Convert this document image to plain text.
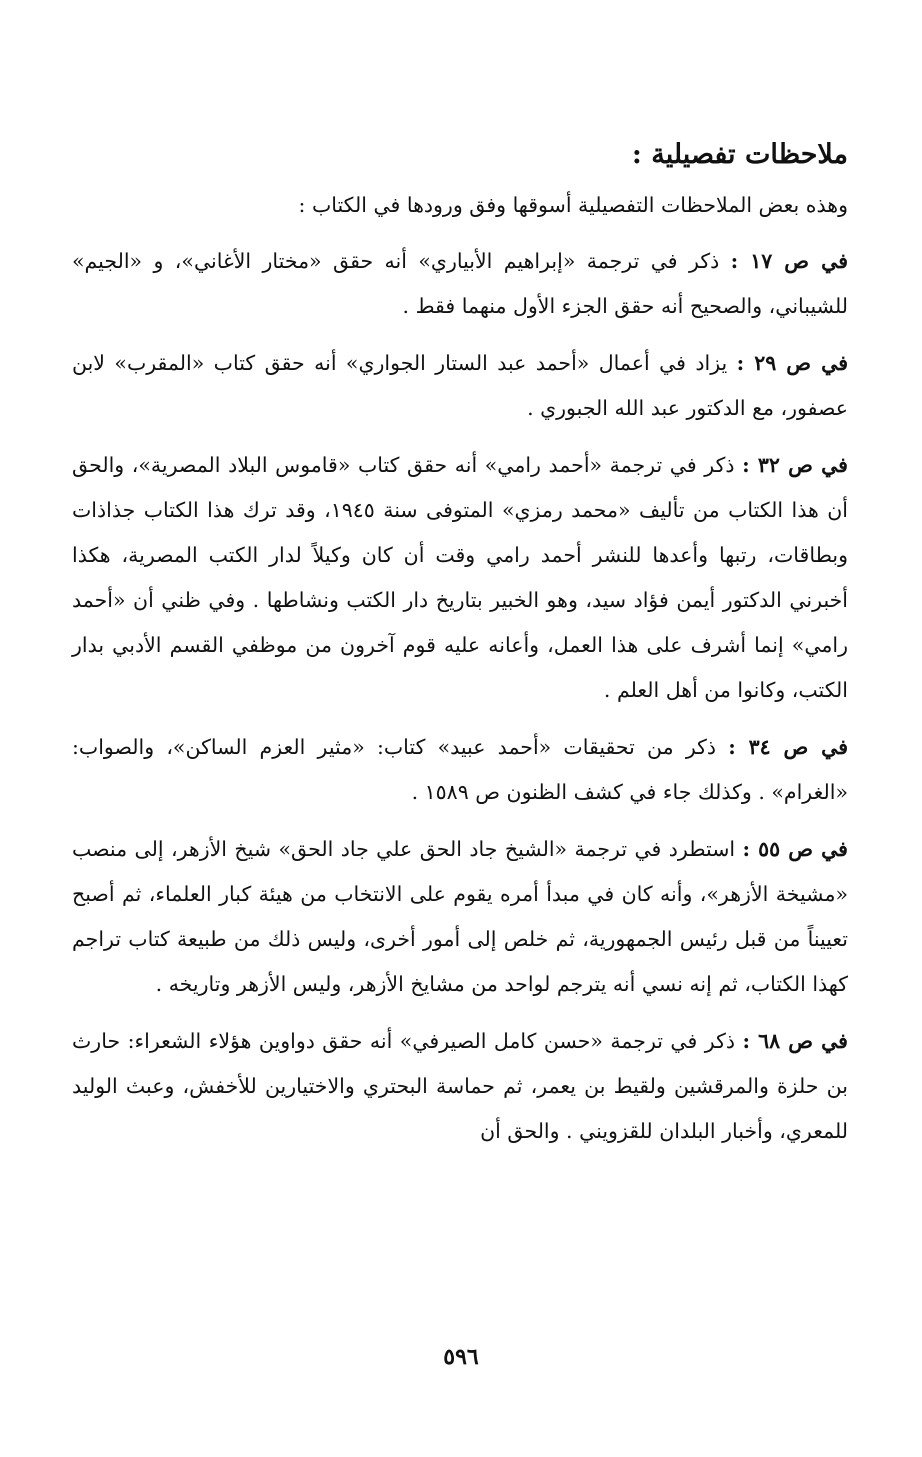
ملاحظات تفصيلية :

وهذه بعض الملاحظات التفصيلية أسوقها وفق ورودها في الكتاب :

في ص ١٧ : ذكر في ترجمة «إبراهيم الأبياري» أنه حقق «مختار الأغاني»، و «الجيم» للشيباني، والصحيح أنه حقق الجزء الأول منهما فقط .

في ص ٢٩ : يزاد في أعمال «أحمد عبد الستار الجواري» أنه حقق كتاب «المقرب» لابن عصفور، مع الدكتور عبد الله الجبوري .

في ص ٣٢ : ذكر في ترجمة «أحمد رامي» أنه حقق كتاب «قاموس البلاد المصرية»، والحق أن هذا الكتاب من تأليف «محمد رمزي» المتوفى سنة ١٩٤٥، وقد ترك هذا الكتاب جذاذات وبطاقات، رتبها وأعدها للنشر أحمد رامي وقت أن كان وكيلاً لدار الكتب المصرية، هكذا أخبرني الدكتور أيمن فؤاد سيد، وهو الخبير بتاريخ دار الكتب ونشاطها . وفي ظني أن «أحمد رامي» إنما أشرف على هذا العمل، وأعانه عليه قوم آخرون من موظفي القسم الأدبي بدار الكتب، وكانوا من أهل العلم .

في ص ٣٤ : ذكر من تحقيقات «أحمد عبيد» كتاب: «مثير العزم الساكن»، والصواب: «الغرام» . وكذلك جاء في كشف الظنون ص ١٥٨٩ .

في ص ٥٥ : استطرد في ترجمة «الشيخ جاد الحق علي جاد الحق» شيخ الأزهر، إلى منصب «مشيخة الأزهر»، وأنه كان في مبدأ أمره يقوم على الانتخاب من هيئة كبار العلماء، ثم أصبح تعييناً من قبل رئيس الجمهورية، ثم خلص إلى أمور أخرى، وليس ذلك من طبيعة كتاب تراجم كهذا الكتاب، ثم إنه نسي أنه يترجم لواحد من مشايخ الأزهر، وليس الأزهر وتاريخه .

في ص ٦٨ : ذكر في ترجمة «حسن كامل الصيرفي» أنه حقق دواوين هؤلاء الشعراء: حارث بن حلزة والمرقشين ولقيط بن يعمر، ثم حماسة البحتري والاختيارين للأخفش، وعبث الوليد للمعري، وأخبار البلدان للقزويني . والحق أن

٥٩٦
